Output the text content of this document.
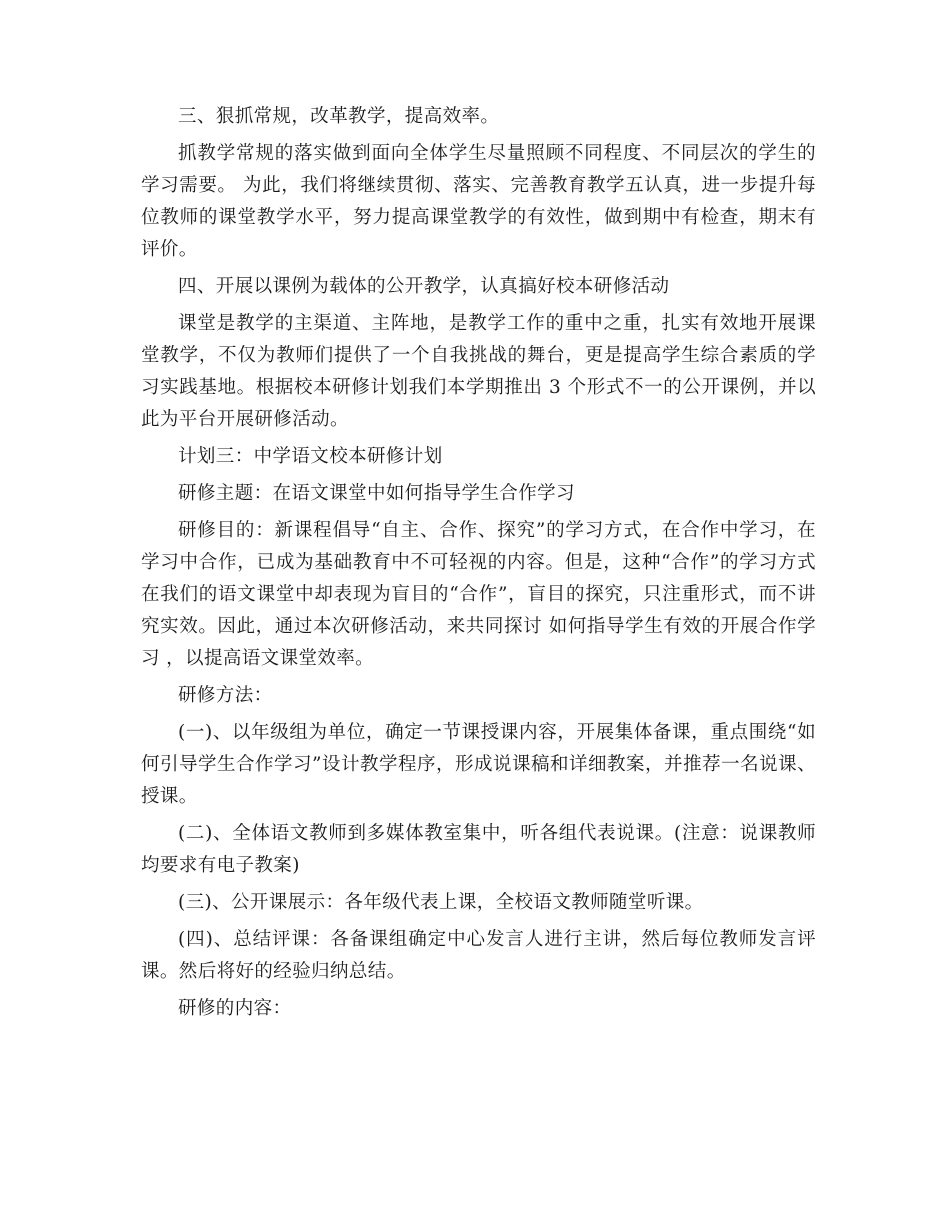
三、狠抓常规，改革教学，提高效率。

抓教学常规的落实做到面向全体学生尽量照顾不同程度、不同层次的学生的学习需要。 为此，我们将继续贯彻、落实、完善教育教学五认真，进一步提升每位教师的课堂教学水平，努力提高课堂教学的有效性，做到期中有检查，期末有评价。

四、开展以课例为载体的公开教学，认真搞好校本研修活动

课堂是教学的主渠道、主阵地，是教学工作的重中之重，扎实有效地开展课堂教学，不仅为教师们提供了一个自我挑战的舞台，更是提高学生综合素质的学习实践基地。根据校本研修计划我们本学期推出 3 个形式不一的公开课例，并以此为平台开展研修活动。

计划三：中学语文校本研修计划

研修主题：在语文课堂中如何指导学生合作学习

研修目的：新课程倡导“自主、合作、探究”的学习方式，在合作中学习，在学习中合作，已成为基础教育中不可轻视的内容。但是，这种“合作”的学习方式在我们的语文课堂中却表现为盲目的“合作”，盲目的探究，只注重形式，而不讲究实效。因此，通过本次研修活动，来共同探讨 如何指导学生有效的开展合作学习 ，以提高语文课堂效率。

研修方法：

(一)、以年级组为单位，确定一节课授课内容，开展集体备课，重点围绕“如何引导学生合作学习”设计教学程序，形成说课稿和详细教案，并推荐一名说课、授课。

(二)、全体语文教师到多媒体教室集中，听各组代表说课。(注意：说课教师均要求有电子教案)

(三)、公开课展示：各年级代表上课，全校语文教师随堂听课。

(四)、总结评课：各备课组确定中心发言人进行主讲，然后每位教师发言评课。然后将好的经验归纳总结。

研修的内容：
